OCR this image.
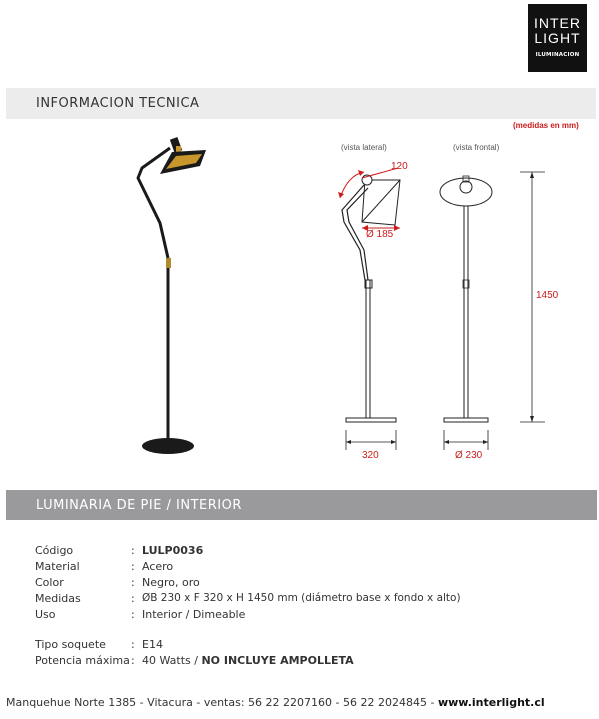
INTER
LIGHT
ILUMINACION
INFORMACION TECNICA
(medidas en mm)
(vista lateral)	(vista frontal)
120
Ø 185
1450
320	Ø 230
LUMINARIA DE PIE / INTERIOR
Código	: LULP0036
Material	: Acero
Color	: Negro, oro
Medidas	: ØB 230 x F 320 x H 1450 mm (diámetro base x fondo x alto)
Uso	: Interior / Dimeable
Tipo soquete	: E14
Potencia máxima : 40 Watts / NO INCLUYE AMPOLLETA
Manquehue Norte 1385 - Vitacura - ventas: 56 22 2207160 - 56 22 2024845 - www.interlight.cl
